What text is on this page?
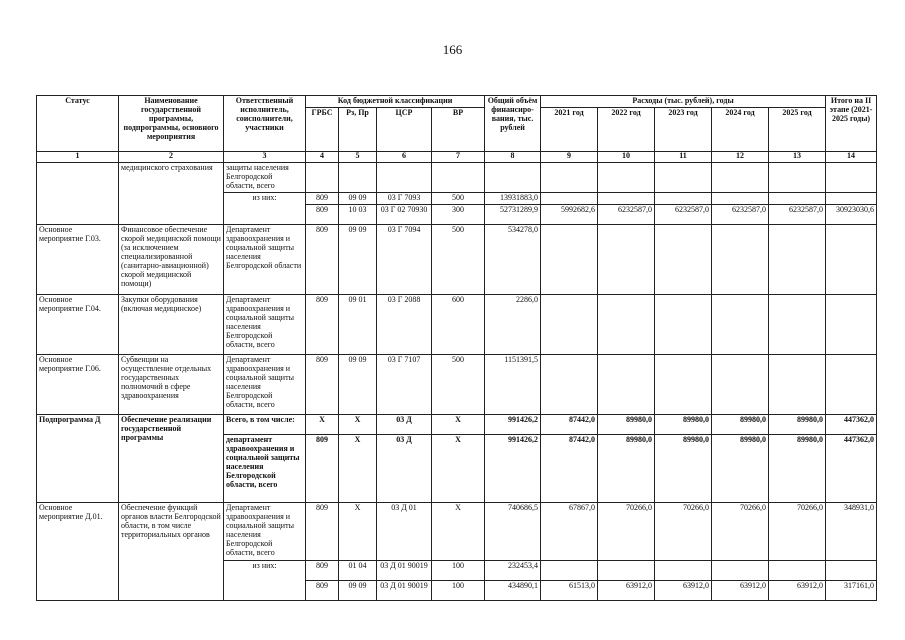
166
Статус	Наименование государственной программы, подпрограммы, основного мероприятия	Ответственный исполнитель, соисполнители, участники	Код бюджетной классификации				Общий объём финансиро-вания, тыс. рублей	Расходы (тыс. рублей), годы					Итого на II этапе (2021-2025 годы)
			ГРБС	Рз, Пр	ЦСР	ВР		2021 год	2022 год	2023 год	2024 год	2025 год	
1	2	3	4	5	6	7	8	9	10	11	12	13	14
	медицинского страхования	защиты населения Белгородской области, всего											
		из них:	809	09 09	03 Г 7093	500	13931883,0						
			809	10 03	03 Г 02 70930	300	52731289,9	5992682,6	6232587,0	6232587,0	6232587,0	6232587,0	30923030,6
Основное мероприятие Г.03.	Финансовое обеспечение скорой медицинской помощи (за исключением специализированной (санитарно-авиационной) скорой медицинской помощи)	Департамент здравоохранения и социальной защиты населения Белгородской области	809	09 09	03 Г 7094	500	534278,0						
Основное мероприятие Г.04.	Закупки оборудования (включая медицинское)	Департамент здравоохранения и социальной защиты населения Белгородской области, всего	809	09 01	03 Г 2088	600	2286,0						
Основное мероприятие Г.06.	Субвенции на осуществление отдельных государственных полномочий в сфере здравоохранения	Департамент здравоохранения и социальной защиты населения Белгородской области, всего	809	09 09	03 Г 7107	500	1151391,5						
Подпрограмма Д	Обеспечение реализации государственной программы	Всего, в том числе:	Х	Х	03 Д	Х	991426,2	87442,0	89980,0	89980,0	89980,0	89980,0	447362,0
		департамент здравоохранения и социальной защиты населения Белгородской области, всего	809	Х	03 Д	Х	991426,2	87442,0	89980,0	89980,0	89980,0	89980,0	447362,0
Основное мероприятие Д.01.	Обеспечение функций органов власти Белгородской области, в том числе территориальных органов	Департамент здравоохранения и социальной защиты населения Белгородской области, всего	809	Х	03 Д 01	Х	740686,5	67867,0	70266,0	70266,0	70266,0	70266,0	348931,0
		из них:	809	01 04	03 Д 01 90019	100	232453,4						
			809	09 09	03 Д 01 90019	100	434890,1	61513,0	63912,0	63912,0	63912,0	63912,0	317161,0
